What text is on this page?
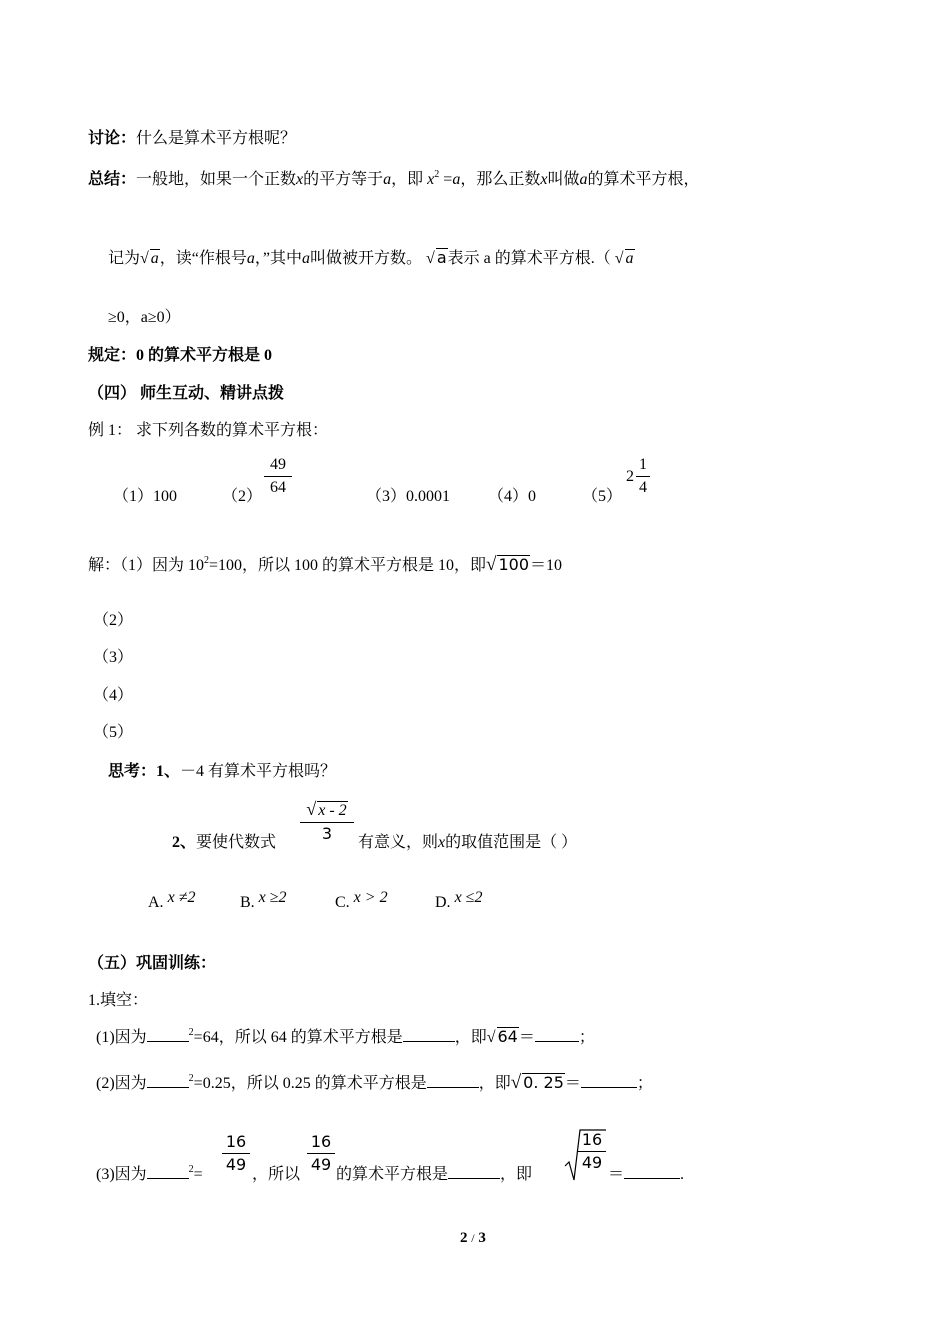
讨论：什么是算术平方根呢？
总结：一般地，如果一个正数x的平方等于a，即 $x^2 =a$，那么正数x叫做a的算术平方根，
记为√ a，读“作根号a，”其中a叫做被开方数。 √ a表示 a 的算术平方根.（ √ a
≥0，a≥0）
规定：0 的算术平方根是 0
（四） 师生互动、精讲点拨
例 1： 求下列各数的算术平方根：
（1）100	（2）
49
64
（3）0.0001 （4）0	（5）
2
1
4
解：（1）因为 $10^2=100$，所以 100 的算术平方根是 10，即√ 100＝10
（2）
（3）
（4）
（5）
思考：1、－4 有算术平方根吗？
√ x - 2
3
2、要使代数式	有意义，则x的取值范围是（ ）
A. x ≠2	B. x ≥2	C. x > 2	D. x ≤2
（五）巩固训练：
1.填空：
(1)因为	$^2$=64，所以 64 的算术平方根是	，即√ 64＝	；
(2)因为	$^2$=0.25，所以 0.25 的算术平方根是	，即√ 0. 25＝	；
(3)因为	$^2$=
16
49
，所以
16
49
的算术平方根是	，即
16
49
＝	.
2 / 3
